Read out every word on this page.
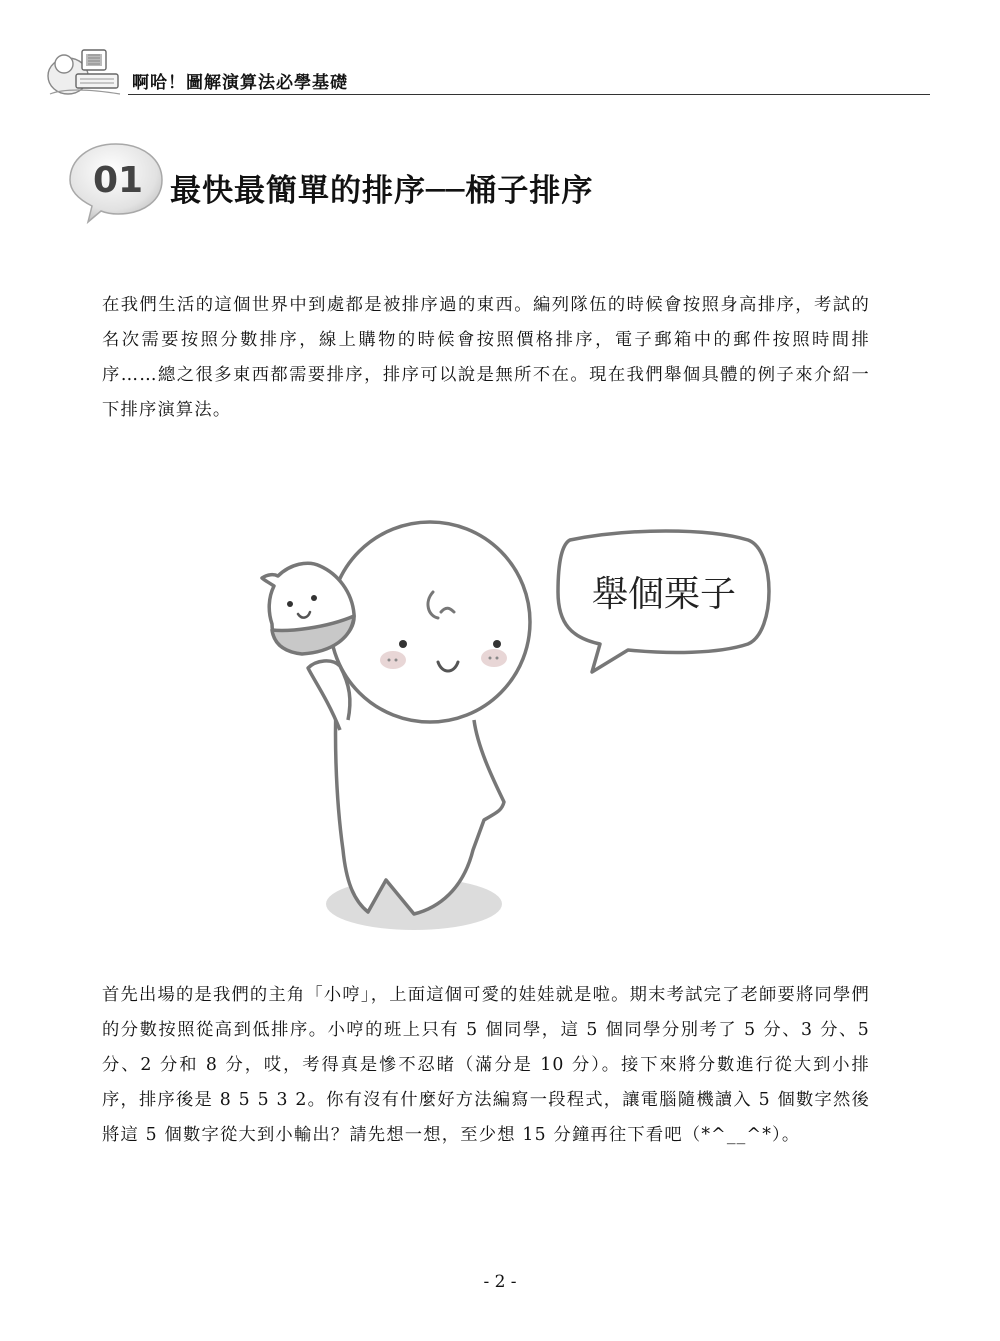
啊哈！圖解演算法必學基礎
01 最快最簡單的排序──桶子排序

在我們生活的這個世界中到處都是被排序過的東西。編列隊伍的時候會按照身高排序，考試的名次需要按照分數排序，線上購物的時候會按照價格排序，電子郵箱中的郵件按照時間排序……總之很多東西都需要排序，排序可以說是無所不在。現在我們舉個具體的例子來介紹一下排序演算法。

舉個栗子

首先出場的是我們的主角「小哼」，上面這個可愛的娃娃就是啦。期末考試完了老師要將同學們的分數按照從高到低排序。小哼的班上只有 5 個同學，這 5 個同學分別考了 5 分、3 分、5 分、2 分和 8 分，哎，考得真是慘不忍睹（滿分是 10 分）。接下來將分數進行從大到小排序，排序後是 8 5 5 3 2。你有沒有什麼好方法編寫一段程式，讓電腦隨機讀入 5 個數字然後將這 5 個數字從大到小輸出？請先想一想，至少想 15 分鐘再往下看吧（*^__^*）。

- 2 -
